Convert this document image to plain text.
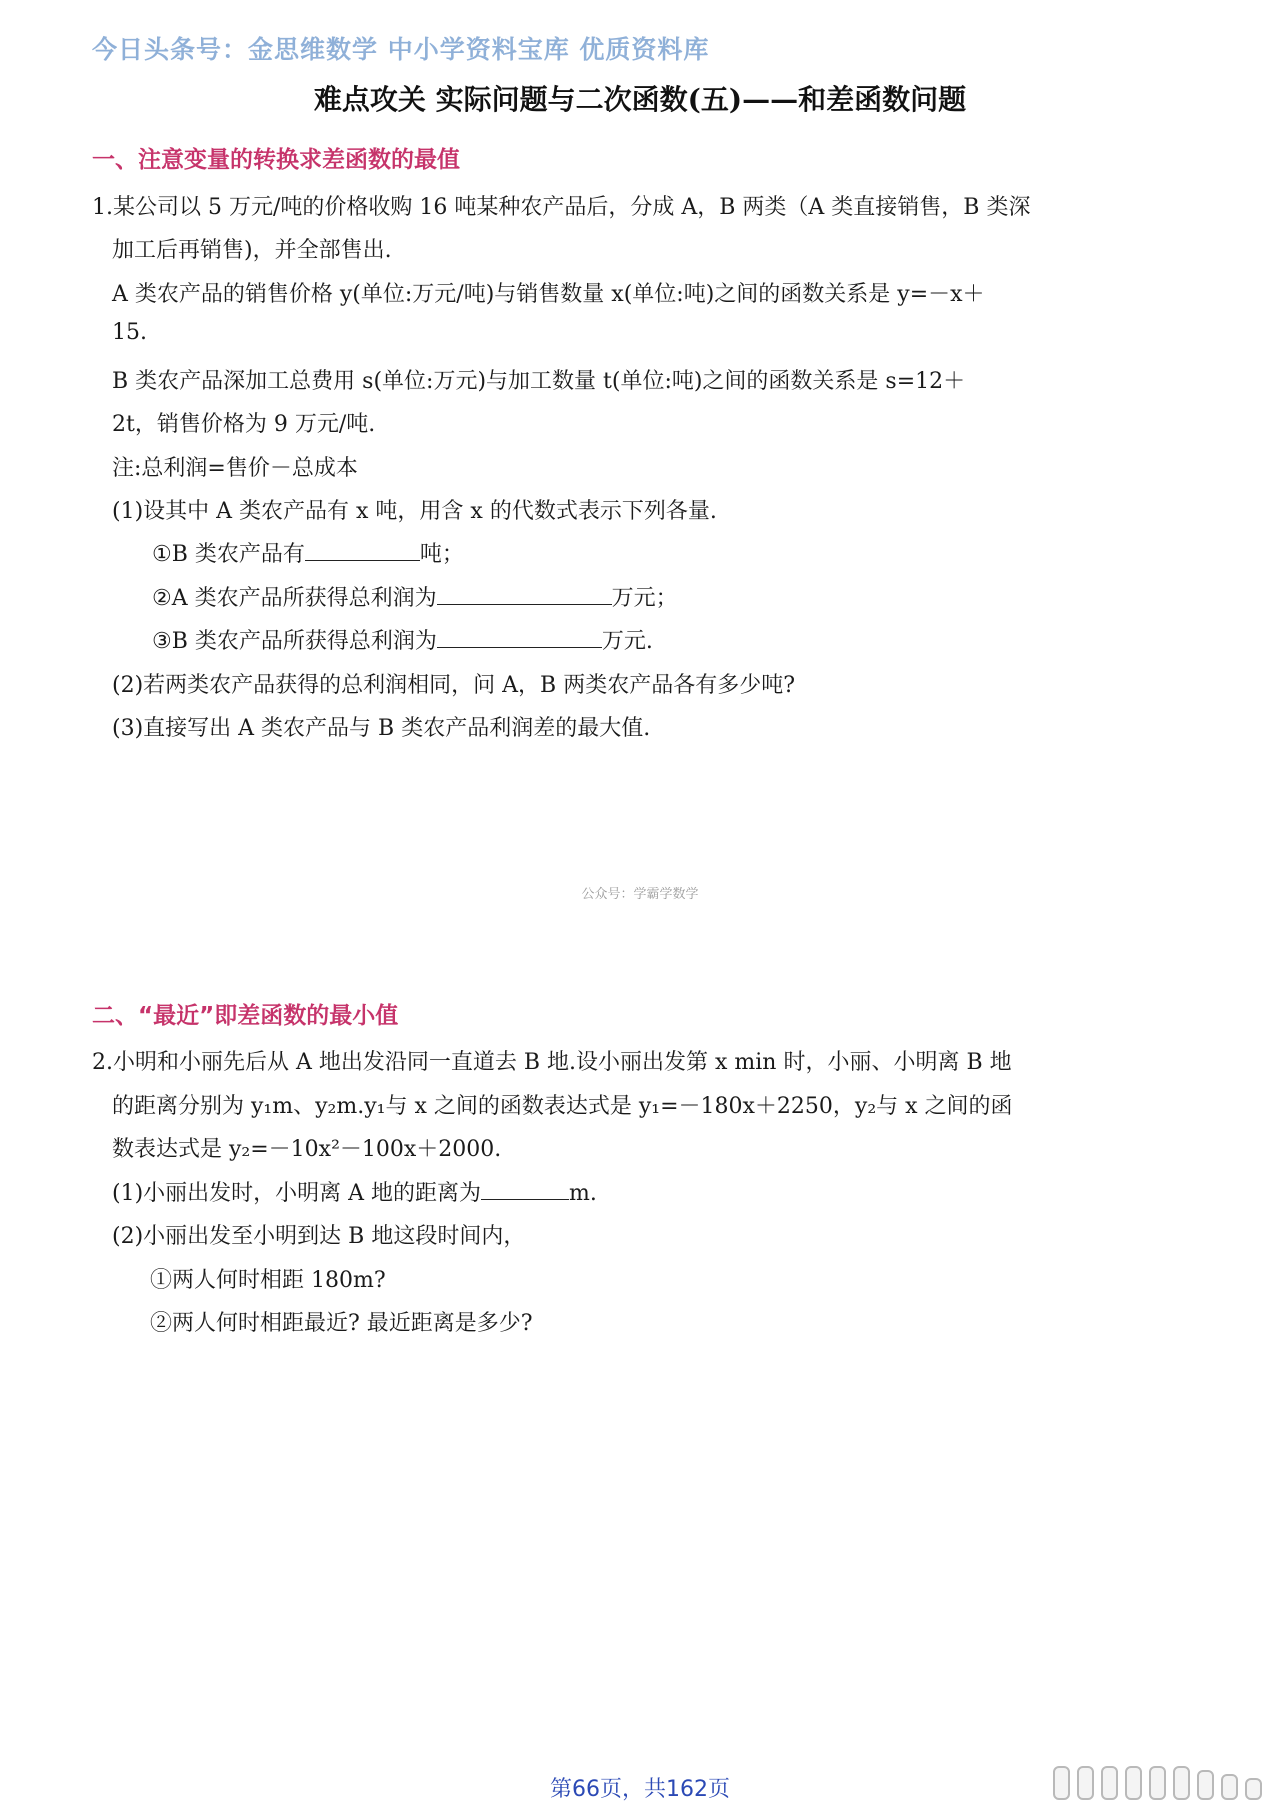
今日头条号：金思维数学 中小学资料宝库 优质资料库
难点攻关 实际问题与二次函数(五)——和差函数问题
一、注意变量的转换求差函数的最值
1.某公司以 5 万元/吨的价格收购 16 吨某种农产品后，分成 A，B 两类（A 类直接销售，B 类深
加工后再销售)，并全部售出.
A 类农产品的销售价格 y(单位:万元/吨)与销售数量 x(单位:吨)之间的函数关系是 y=－x＋
15.
B 类农产品深加工总费用 s(单位:万元)与加工数量 t(单位:吨)之间的函数关系是 s=12＋
2t，销售价格为 9 万元/吨.
注:总利润=售价－总成本
(1)设其中 A 类农产品有 x 吨，用含 x 的代数式表示下列各量.
①B 类农产品有	吨；
②A 类农产品所获得总利润为	万元；
③B 类农产品所获得总利润为	万元.
(2)若两类农产品获得的总利润相同，问 A，B 两类农产品各有多少吨?
(3)直接写出 A 类农产品与 B 类农产品利润差的最大值.
公众号：学霸学数学
二、“最近”即差函数的最小值
2.小明和小丽先后从 A 地出发沿同一直道去 B 地.设小丽出发第 x min 时，小丽、小明离 B 地
的距离分别为 y₁m、y₂m.y₁与 x 之间的函数表达式是 y₁=－180x＋2250，y₂与 x 之间的函
数表达式是 y₂=－10x²－100x＋2000.
(1)小丽出发时，小明离 A 地的距离为	m.
(2)小丽出发至小明到达 B 地这段时间内，
①两人何时相距 180m?
②两人何时相距最近? 最近距离是多少?
第66页，共162页
